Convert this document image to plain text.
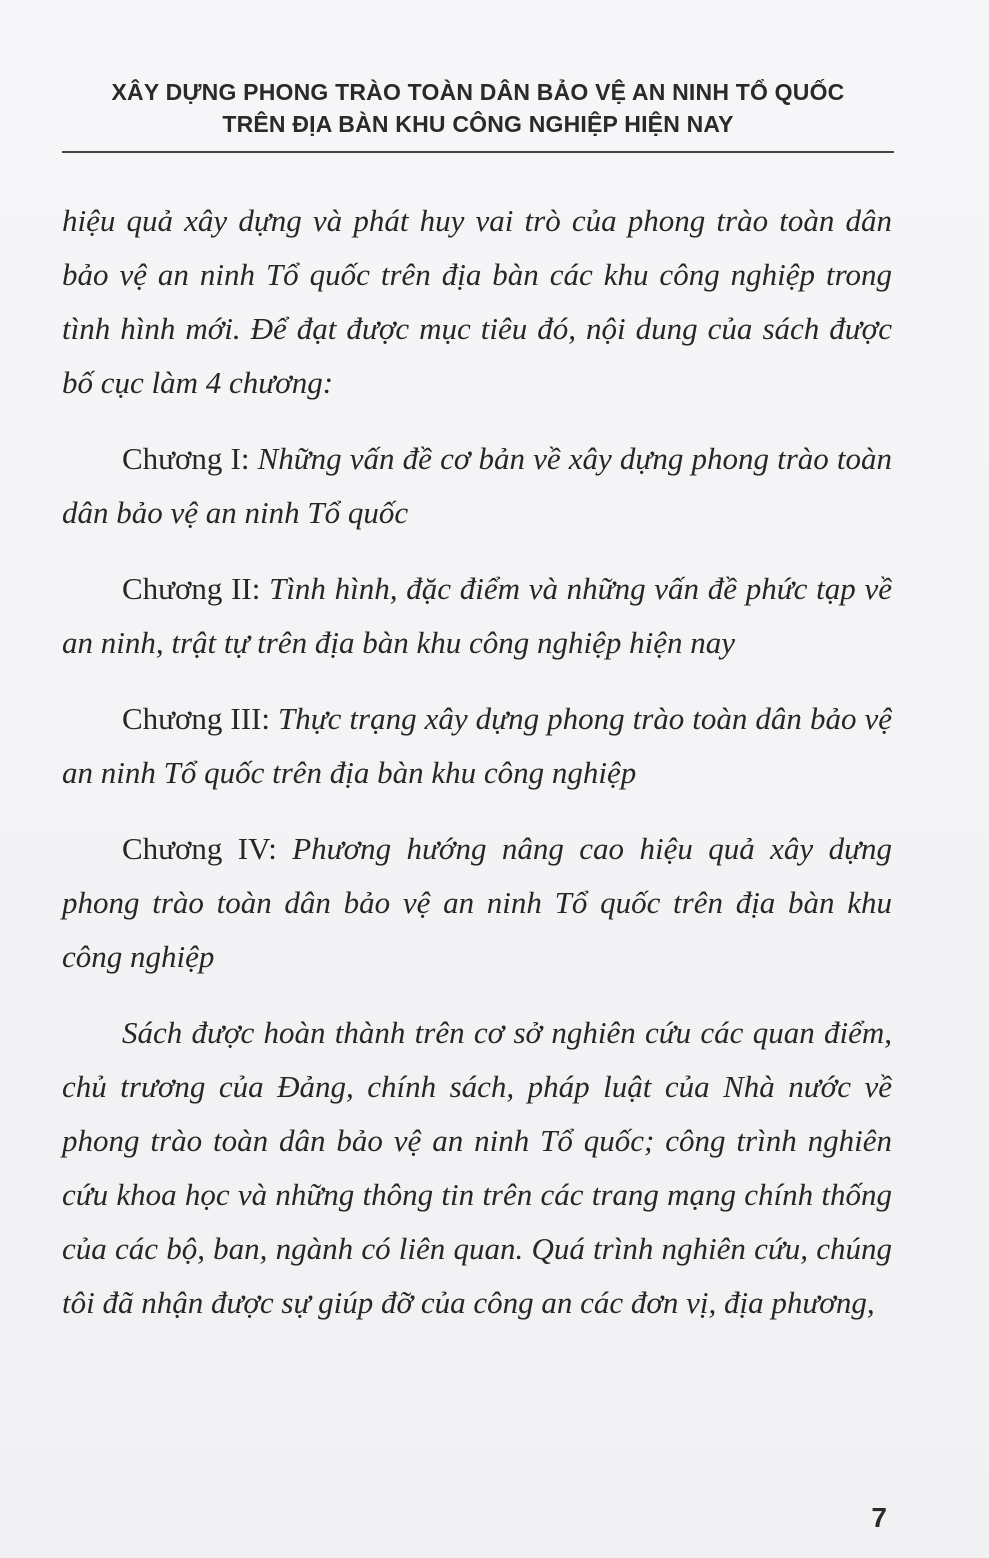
XÂY DỰNG PHONG TRÀO TOÀN DÂN BẢO VỆ AN NINH TỔ QUỐC
TRÊN ĐỊA BÀN KHU CÔNG NGHIỆP HIỆN NAY

hiệu quả xây dựng và phát huy vai trò của phong trào toàn dân bảo vệ an ninh Tổ quốc trên địa bàn các khu công nghiệp trong tình hình mới. Để đạt được mục tiêu đó, nội dung của sách được bố cục làm 4 chương:

Chương I: Những vấn đề cơ bản về xây dựng phong trào toàn dân bảo vệ an ninh Tổ quốc

Chương II: Tình hình, đặc điểm và những vấn đề phức tạp về an ninh, trật tự trên địa bàn khu công nghiệp hiện nay

Chương III: Thực trạng xây dựng phong trào toàn dân bảo vệ an ninh Tổ quốc trên địa bàn khu công nghiệp

Chương IV: Phương hướng nâng cao hiệu quả xây dựng phong trào toàn dân bảo vệ an ninh Tổ quốc trên địa bàn khu công nghiệp

Sách được hoàn thành trên cơ sở nghiên cứu các quan điểm, chủ trương của Đảng, chính sách, pháp luật của Nhà nước về phong trào toàn dân bảo vệ an ninh Tổ quốc; công trình nghiên cứu khoa học và những thông tin trên các trang mạng chính thống của các bộ, ban, ngành có liên quan. Quá trình nghiên cứu, chúng tôi đã nhận được sự giúp đỡ của công an các đơn vị, địa phương,

7
